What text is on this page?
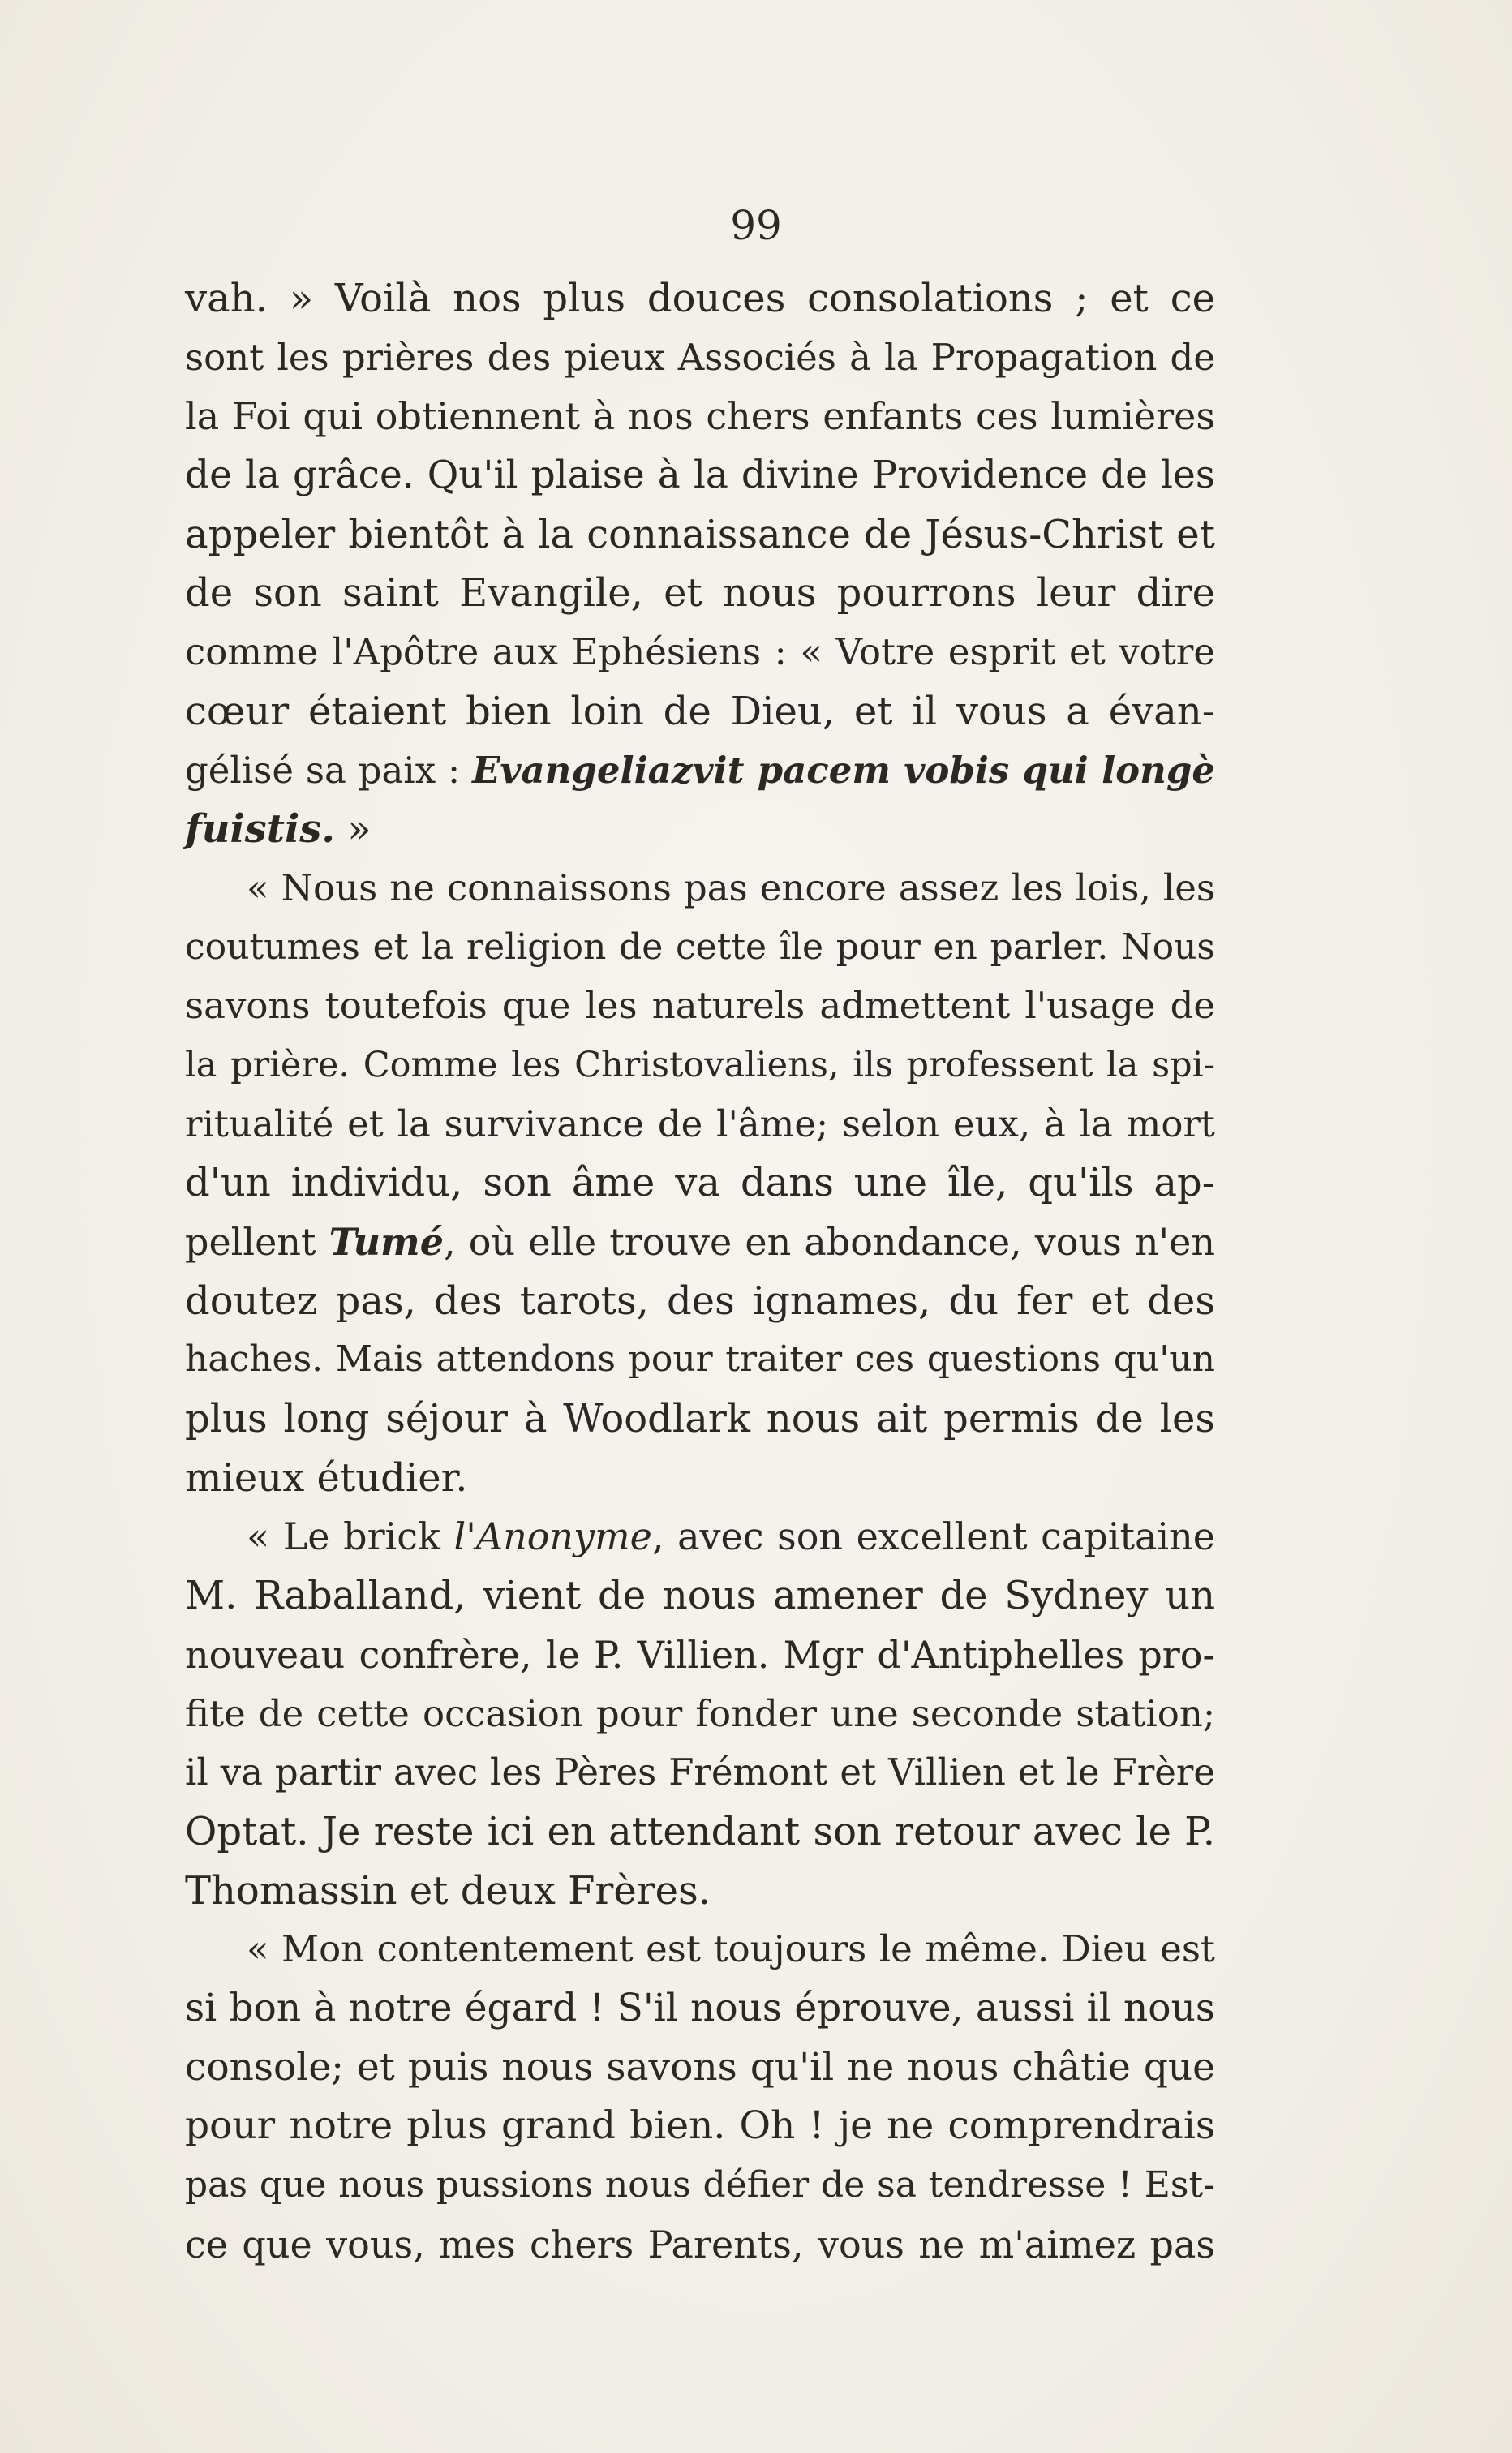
99
vah. » Voilà nos plus douces consolations ; et ce
sont les prières des pieux Associés à la Propagation de
la Foi qui obtiennent à nos chers enfants ces lumières
de la grâce. Qu'il plaise à la divine Providence de les
appeler bientôt à la connaissance de Jésus-Christ et
de son saint Evangile, et nous pourrons leur dire
comme l'Apôtre aux Ephésiens : « Votre esprit et votre
cœur étaient bien loin de Dieu, et il vous a évan-
gélisé sa paix : Evangeliazvit pacem vobis qui longè
fuistis. »
« Nous ne connaissons pas encore assez les lois, les
coutumes et la religion de cette île pour en parler. Nous
savons toutefois que les naturels admettent l'usage de
la prière. Comme les Christovaliens, ils professent la spi-
ritualité et la survivance de l'âme; selon eux, à la mort
d'un individu, son âme va dans une île, qu'ils ap-
pellent Tumé, où elle trouve en abondance, vous n'en
doutez pas, des tarots, des ignames, du fer et des
haches. Mais attendons pour traiter ces questions qu'un
plus long séjour à Woodlark nous ait permis de les
mieux étudier.
« Le brick l'Anonyme, avec son excellent capitaine
M. Raballand, vient de nous amener de Sydney un
nouveau confrère, le P. Villien. Mgr d'Antiphelles pro-
fite de cette occasion pour fonder une seconde station;
il va partir avec les Pères Frémont et Villien et le Frère
Optat. Je reste ici en attendant son retour avec le P.
Thomassin et deux Frères.
« Mon contentement est toujours le même. Dieu est
si bon à notre égard ! S'il nous éprouve, aussi il nous
console; et puis nous savons qu'il ne nous châtie que
pour notre plus grand bien. Oh ! je ne comprendrais
pas que nous pussions nous défier de sa tendresse ! Est-
ce que vous, mes chers Parents, vous ne m'aimez pas
